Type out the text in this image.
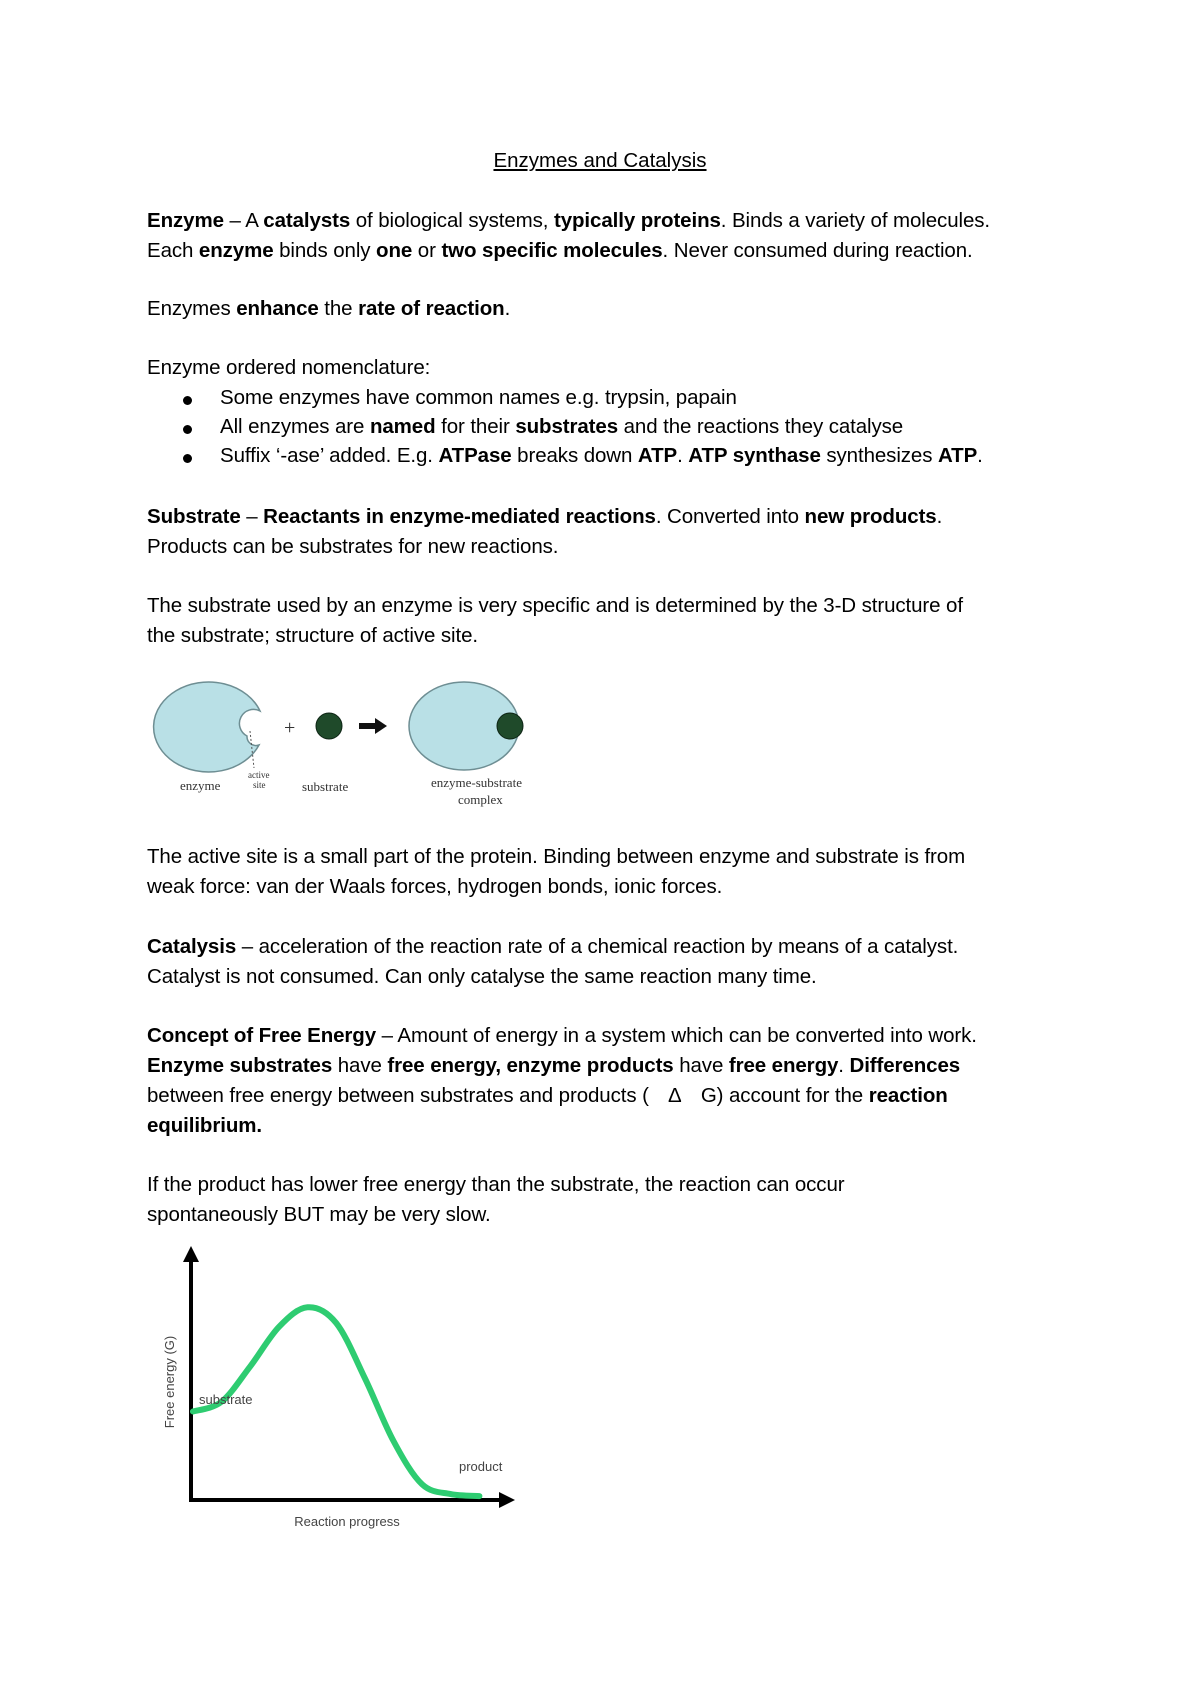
Enzymes and Catalysis
Enzyme – A catalysts of biological systems, typically proteins. Binds a variety of molecules.
Each enzyme binds only one or two specific molecules. Never consumed during reaction.
Enzymes enhance the rate of reaction.
Enzyme ordered nomenclature:
Some enzymes have common names e.g. trypsin, papain
All enzymes are named for their substrates and the reactions they catalyse
Suffix ‘-ase’ added. E.g. ATPase breaks down ATP. ATP synthase synthesizes ATP.
Substrate – Reactants in enzyme-mediated reactions. Converted into new products.
Products can be substrates for new reactions.
The substrate used by an enzyme is very specific and is determined by the 3-D structure of
the substrate; structure of active site.
enzyme
active
site
+
substrate	enzyme-substrate
complex
The active site is a small part of the protein. Binding between enzyme and substrate is from
weak force: van der Waals forces, hydrogen bonds, ionic forces.
Catalysis – acceleration of the reaction rate of a chemical reaction by means of a catalyst.
Catalyst is not consumed. Can only catalyse the same reaction many time.
Concept of Free Energy – Amount of energy in a system which can be converted into work.
Enzyme substrates have free energy, enzyme products have free energy. Differences
between free energy between substrates and products ( Δ G) account for the reaction
equilibrium.
If the product has lower free energy than the substrate, the reaction can occur
spontaneously BUT may be very slow.
substrate
product
Reaction progress
Free energy (G)
